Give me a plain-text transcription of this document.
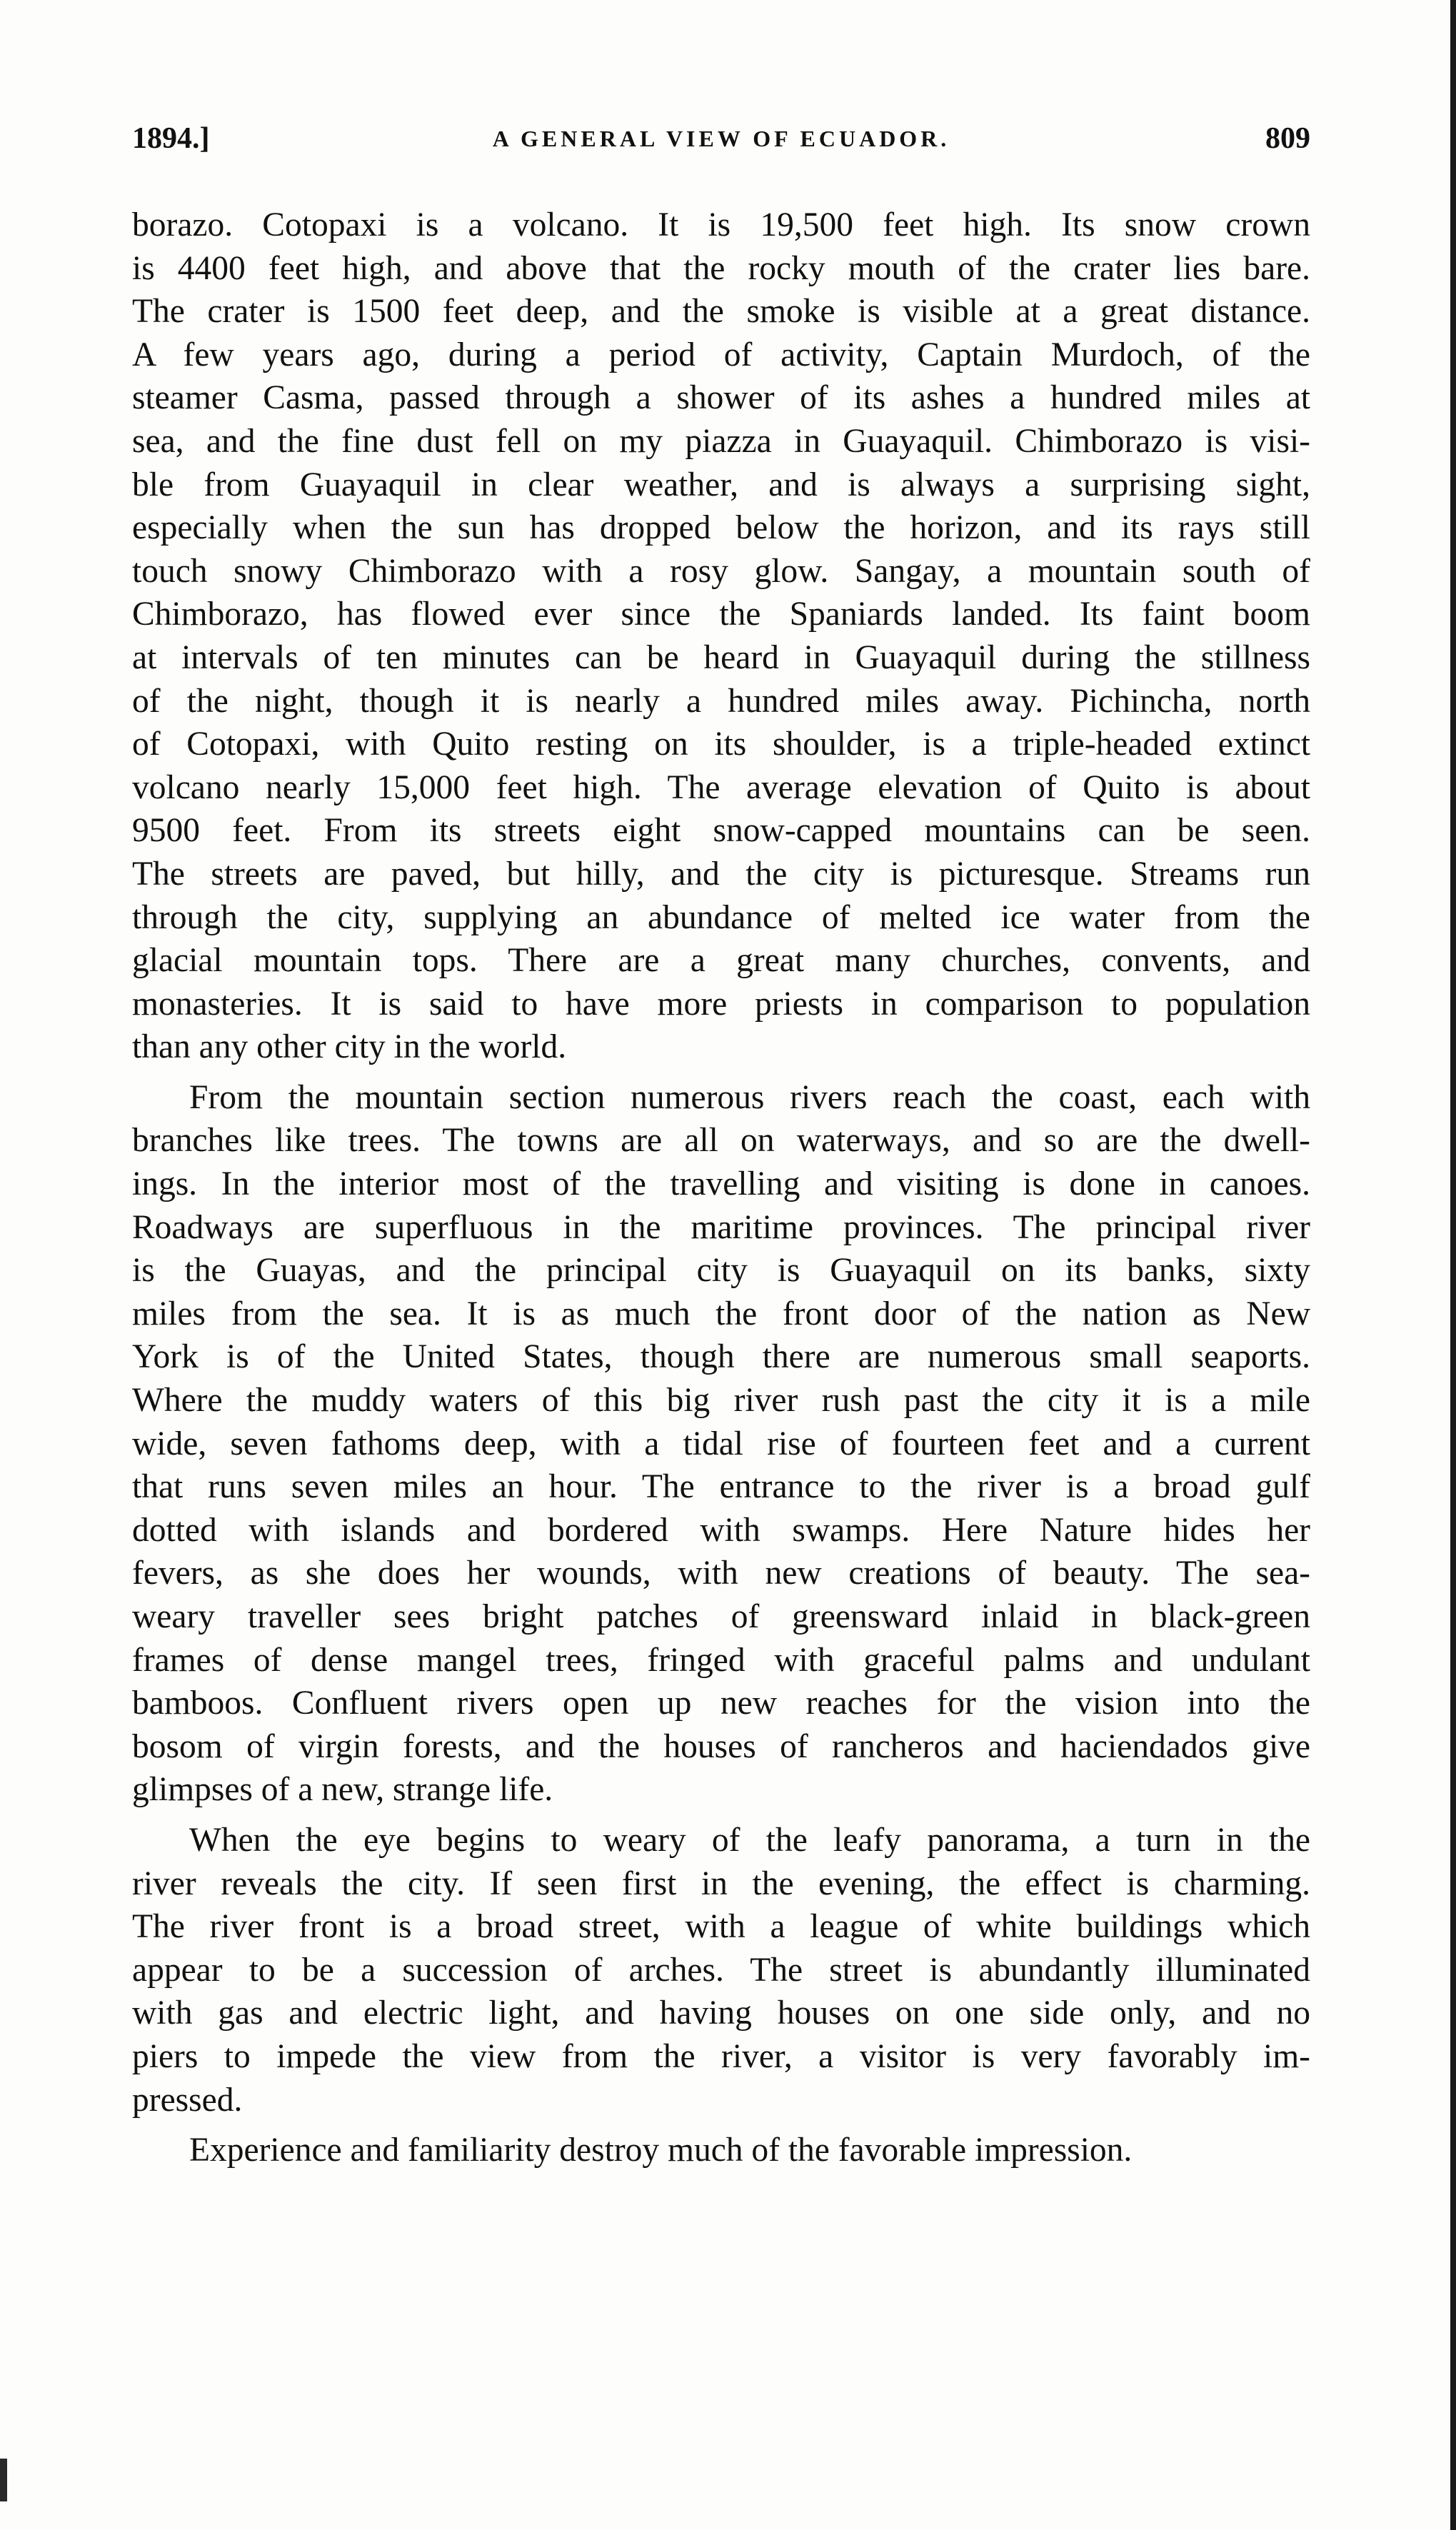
1894.]	A GENERAL VIEW OF ECUADOR.	809
borazo. Cotopaxi is a volcano. It is 19,500 feet high. Its snow crown
is 4400 feet high, and above that the rocky mouth of the crater lies bare.
The crater is 1500 feet deep, and the smoke is visible at a great distance.
A few years ago, during a period of activity, Captain Murdoch, of the
steamer Casma, passed through a shower of its ashes a hundred miles at
sea, and the fine dust fell on my piazza in Guayaquil. Chimborazo is visi-
ble from Guayaquil in clear weather, and is always a surprising sight,
especially when the sun has dropped below the horizon, and its rays still
touch snowy Chimborazo with a rosy glow. Sangay, a mountain south of
Chimborazo, has flowed ever since the Spaniards landed. Its faint boom
at intervals of ten minutes can be heard in Guayaquil during the stillness
of the night, though it is nearly a hundred miles away. Pichincha, north
of Cotopaxi, with Quito resting on its shoulder, is a triple-headed extinct
volcano nearly 15,000 feet high. The average elevation of Quito is about
9500 feet. From its streets eight snow-capped mountains can be seen.
The streets are paved, but hilly, and the city is picturesque. Streams run
through the city, supplying an abundance of melted ice water from the
glacial mountain tops. There are a great many churches, convents, and
monasteries. It is said to have more priests in comparison to population
than any other city in the world.
From the mountain section numerous rivers reach the coast, each with
branches like trees. The towns are all on waterways, and so are the dwell-
ings. In the interior most of the travelling and visiting is done in canoes.
Roadways are superfluous in the maritime provinces. The principal river
is the Guayas, and the principal city is Guayaquil on its banks, sixty
miles from the sea. It is as much the front door of the nation as New
York is of the United States, though there are numerous small seaports.
Where the muddy waters of this big river rush past the city it is a mile
wide, seven fathoms deep, with a tidal rise of fourteen feet and a current
that runs seven miles an hour. The entrance to the river is a broad gulf
dotted with islands and bordered with swamps. Here Nature hides her
fevers, as she does her wounds, with new creations of beauty. The sea-
weary traveller sees bright patches of greensward inlaid in black-green
frames of dense mangel trees, fringed with graceful palms and undulant
bamboos. Confluent rivers open up new reaches for the vision into the
bosom of virgin forests, and the houses of rancheros and haciendados give
glimpses of a new, strange life.
When the eye begins to weary of the leafy panorama, a turn in the
river reveals the city. If seen first in the evening, the effect is charming.
The river front is a broad street, with a league of white buildings which
appear to be a succession of arches. The street is abundantly illuminated
with gas and electric light, and having houses on one side only, and no
piers to impede the view from the river, a visitor is very favorably im-
pressed.
Experience and familiarity destroy much of the favorable impression.
